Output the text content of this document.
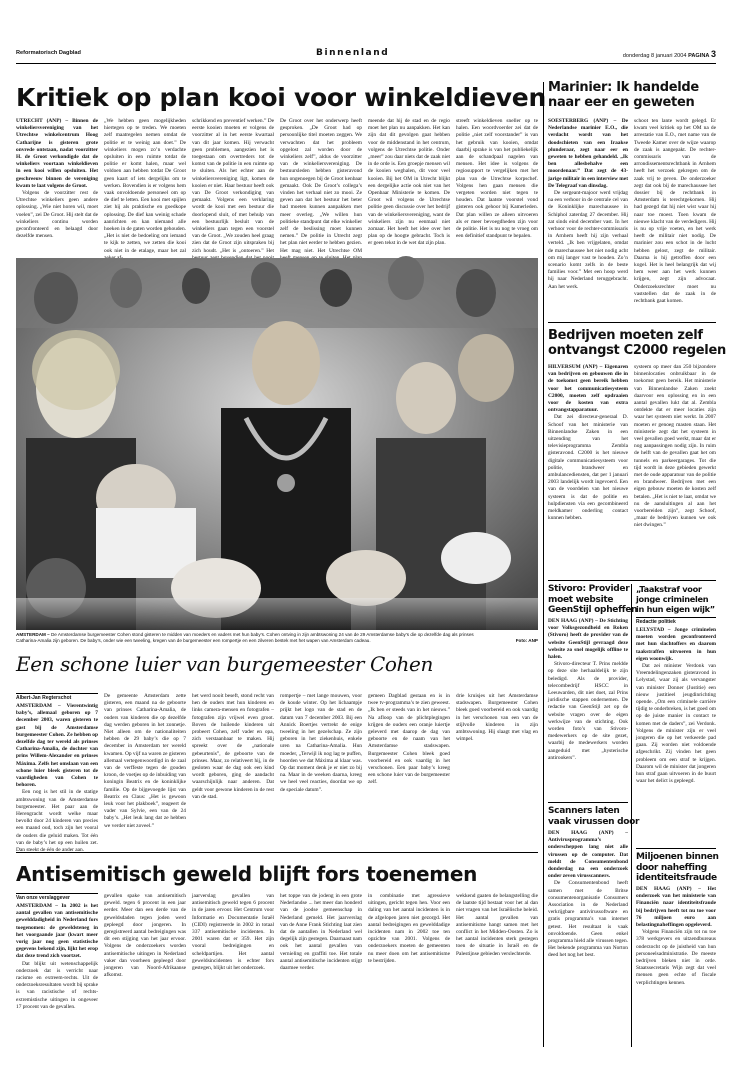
Reformatorisch Dagblad	Binnenland	donderdag 8 januari 2004 PAGINA 3
Kritiek op plan kooi voor winkeldieven

UTRECHT (ANP) – Binnen de winkeliersvereniging van het Utrechtse winkelcentrum Hoog Catharijne is gisteren grote onvrede ontstaan, nadat voorzitter H. de Groot verkondigde dat de winkeliers voortaan winkeldieven in een kooi willen opsluiten. Het geschreeuw binnen de vereniging kwam te laat volgens de Groot.

Volgens de voorzitter rest de Utrechtse winkeliers geen andere oplossing. „Wie niet horen wil, moet voelen”, zei De Groot. Hij stelt dat de winkeliers continu worden geconfronteerd en belaagd door dezelfde mensen.

„We hebben geen mogelijkheden hiertegen op te treden. We moeten zelf maatregelen nemen omdat de politie er te weinig aan doet.” De winkeliers mogen zo’n verdachte opsluiten in een ruimte totdat de politie er komt halen, maar wel voldoen aan hebben totdat De Groot geen kaart of iets dergelijks om te werken. Bovendien is er volgens hem vaak onvoldoende personeel om op de dief te letten. Een kooi met spijlen ziet hij als praktische en goedkope oplossing. De dief kan weinig schade aanrichten en kan niemand alle hoeken in de gaten worden gehouden. „Het is niet de bedoeling om iemand te kijk te zetten, we zetten die kooi ook niet in de etalage, maar het zal
schrikkend en preventief werken.” De eerste kooien moeten er volgens de voorzitter al in het eerste kwartaal van dit jaar komen. Hij verwacht geen problemen, aangezien het is toegestaan om overtreders tot de komst van de politie in een ruimte op te sluiten. Als het echter aan de winkeliersvereniging ligt, komen de kooien er niet. Haar bestuur heeft ook van De Groot verkondiging van gemaakt. Volgens een verklaring wordt de kooi met een bestuur die doorlopend sluit, of met behulp van een bestuurlijk besluit van de winkeliers gaan tegen een voorstel van de Groot. „We zouden heel graag zien dat de Groot zijn uitspraken bij zich houdt. „Het is „ontoeren.” Het
De Groot over het onderwerp heeft gesproken. „De Groot had op persoonlijke titel moeten zeggen. We verwachten dat het probleem opgelost zal worden door de winkeliers zelf”, aldus de voorzitter van de winkeliersvereniging. De bestuursleden hebben gisteravond hun ongenoegen bij de Groot kenbaar gemaakt. Ook De Groot’s collega’s vinden het verhaal niet zo mooi. Ze geven aan dat het bestuur het beter had moeten kunnen aanpakken met meer overleg. „We willen hun politieke standpunt dat elke winkelier zelf de beslissing moet kunnen nemen.” De politie in Utrecht zegt het plan niet eerder te hebben gezien. Het mag niet. Het Utrechtse OM
meende dat hij de stad en de regio moet het plan nu aanpakken. Het kan zijn dat dit gevolgen gaat hebben voor de middenstand in het centrum, volgens de Utrechtse politie. Onder „meer” zou daar niets dat de zaak niet in de orde is. Een groepje mensen wil de kooien weghalen, dit voor veel kooien. Bij het OM in Utrecht blijkt een dergelijke actie ook niet van het Openbaar Ministerie te komen. De Groot wil volgens de Utrechtse politie geen discussie over het bedrijf van de winkeliersvereniging, want de winkeliers zijn nu eenmaal niet zomaar. Het heeft het idee over het plan op de hoogte gebracht. Toch is er geen tekst in de wet dat zijn plan.
streeft winkeldieven sneller op te halen. Een woordvoerder zei dat de politie „niet zelf voorstander” is van het gebruik van kooien, omdat daarbij sprake is van het publiekelijk aan de schandpaal nagelen van mensen. Het idee is volgens de regiosupport te vergelijken met het plan van de Utrechtse korpschef. Volgens hen gaan mensen die vergeten worden niet tegen te houden. Dat laatste voorstel vond gisteren ook gehoor bij Kamerleden. Dat plan willen ze alleen uitvoeren als er meer bevoegdheden zijn voor de politie. Het is nu nog te vroeg om een definitief standpunt te bepalen.
AMSTERDAM – De Amsterdamse burgemeester Cohen stond gisteren te midden van moeders en vaders met hun baby’s. Cohen ontving in zijn ambtswoning 24 van de 29 Amsterdamse baby’s die op dezelfde dag als prinses Catharina-Amalia zijn geboren. De baby’s, onder wie een tweeling, kregen van de burgemeester een rompertje en een zilveren bestek met het wapen van Amsterdam cadeau.	Foto: ANP
Een schone luier van burgemeester Cohen
Albert-Jan Regterschot

AMSTERDAM – Vierentwintig baby’s, allemaal geboren op 7 december 2003, waren gisteren te gast bij de Amsterdamse burgemeester Cohen. Ze hebben op dezelfde dag ter wereld als prinses Catharina-Amalia, de dochter van prins Willem-Alexander en prinses Máxima. Zelfs het omslaan van een schone luier bleek gisteren tot de vaardigheden van Cohen te behoren.

Een nog is het stil in de statige ambtswoning van de Amsterdamse burgemeester. Het paar aan de Herengracht wordt welke maar bevolkt door 24 kinderen van precies een maand oud, toch zijn het vooral de ouders die geluid maken. Tot één van de baby’s het op een huilen zet. Dan steekt de één de ander aan.

De gemeente Amsterdam zette gisteren, een maand na de geboorte van prinses Catharina-Amalia, de ouders van kinderen die op dezelfde dag werden geboren in het zonnetje. Niet alleen om de nationaliteiten hebben de 29 baby’s die op 7 december in Amsterdam ter wereld kwamen. Op vijf na waren ze gisteren allemaal vertegenwoordigd in de zaal van de verffeste tegen de gouden kroon, de voetjes op de inbuiding van koningin Beatrix en de koninklijke familie. Op de bijgevoegde lijst van Beatrix en Claus: „Het is gewoon leuk voor het plakboek”, reageert de vader van Sylvie, een van de 24 baby’s. „Het leuk lang dat ze hebben we verder niet zoveel.”
het werd nooit beseft, stond recht van hen de ouders met hun kinderen en links camera-mensen en fotografen – fotografen zijn vrijwel even groot. Boven de huilende kinderen uit probeert Cohen, zelf vader en opa, zich verstaanbaar te maken. Hij spreekt over de „nationale gebeurtenis”, de geboorte van de prinses. Maar, zo relativeert hij, in de gesloten waar de dag ook een kind wordt geboren, ging de aandacht waarschijnlijk naar anderen. Dat geldt voor gewone kinderen in de rest van de stad.
rompertje – met lange mouwen, voor de koude winter. Op het lichaampje prijkt het logo van de stad en de datum van 7 december 2003. Bij een Annick Boertjes vertrekt de enige tweeling in het gezelschap. Ze zijn geboren in het ziekenhuis, enkele uren na Catharina-Amalia. Hun moeder, „Terwijl ik nog lag te puffen, hoorden we dat Máxima al klaar was. Op dat moment denk je er niet zo bij na. Maar in de weeken daarna, kreeg we heel veel reacties, doordat we op de speciale datum”.
gemeen Dagblad gestaan en is in twee tv-programma’s te zien geweest. „Ik ben er steeds van in het nieuws.” Na afloop van de plichtplegingen krijgen de ouders een oranje luiertje geleverd met daarop de dag van geboorte en de naam van het Amsterdamse stadswapen. Burgemeester Cohen bleek goed voorbereid en ook vaardig in het verschonen. Een paar baby’s kreeg een schone luier van de burgemeester zelf.
drie kruisjes uit het Amsterdamse stadswapen. Burgemeester Cohen bleek goed voorbereid en ook vaardig in het verschonen van een van de stijlvolle kinderen in zijn ambtswoning. Hij slaagt met vlag en wimpel.
Antisemitisch geweld blijft fors toenemen
Van onze verslaggever

AMSTERDAM – In 2002 is het aantal gevallen van antisemitische gewelddadigheid in Nederland fors toegenomen: de geweldsteneg in het voorgaande jaar (kwart meer vorig jaar nog geen statistische gegevens bekend zijn, lijkt het erop dat deze trend zich voortzet.

Dat blijkt uit wetenschappelijk onderzoek dat is verricht naar racisme en extreem-rechts. Uit de onderzoeksresultaten wordt bij sprake is van racistische of rechts-extremistische uitingen in ongeveer 17 procent van de gevallen.

gevallen spake van antisemitisch geweld. tegen 6 procent in een jaar eerder. Meer dan een derde van de geweldsdaden tegen joden werd gepleegd door jongeren. In geregistreerd aantal bedreigingen was dit een stijging van het jaar ervoor. Volgens de onderzoekers worden antisemitische uitingen in Nederland vaker dan voorheen gepleegd door jongeren van Noord-Afrikaanse afkomst.
jaarverslag gevallen van antisemitisch geweld tegen 6 procent in de jaren ervoor. Het Centrum voor Informatie en Documentatie Israël (CIDI) registreerde in 2002 in totaal 337 antisemitische incidenten. In 2001 waren dat er 359. Het zijn vooral bedreigingen en scheldpartijen. Het aantal geweldsincidenten is echter fors gestegen, blijkt uit het onderzoek.
het toppe van de jodeng in een grote Nederlandse ... het meer dan honderd van de joodse gemeenschap in Nederland gemeld. Het jaarverslag van de Anne Frank Stichting laat zien dat de aantallen in Nederland wel degelijk zijn gestegen. Daarnaast nam ook het aantal gevallen van vernieling en graffiti toe. Het totale aantal antisemitische incidenten stijgt daarmee verder.
in combinatie met agressieve uitingen, gericht tegen hen. Voor een daling van het aantal incidenten is in de afgelopen jaren niet gezorgd. Het aantal bedreigingen en gewelddadige incidenten nam in 2002 toe ten opzichte van 2001. Volgens de onderzoekers moeten de gemeenten nu meer doen om het antisemitisme te bestrijden.
wekkend gaaten de belangstelling die de laatste tijd bestaat voor het al dan niet vragen van het Israëlische beleid. Het aantal gevallen van antisemitisme hangt samen met het conflict in het Midden-Oosten. Zo is het aantal incidenten sterk gestegen toen de situatie in Israël en de Palestijnse gebieden verslechterde.
Marinier: Ik handelde
naar eer en geweten

SOESTERBERG (ANP) – De Nederlandse marinier E.O., die verdacht wordt van het doodschieten van een Iraakse plunderaar, zegt naar eer en geweten te hebben gehandeld. „Ik ben allesbehalve een moordenaar.” Dat zegt de 43-jarige militair in een interview met De Telegraaf van dinsdag.

De sergeant-majoor werd vrijdag na een verhoor in de centrale cel van de Koninklijke marechaussee in Schiphol zaterdag 27 december. Hij zat sinds eind december vast. In het verhoor voor de rechter-commissaris in Arnhem heeft hij zijn verhaal verteld. „Ik ben vrijgelaten, omdat de marechaussee het niet nodig acht om mij langer vast te houden. Zo’n scenario komt zelfs in de beste families voor.” Met een hoop werd hij naar Nederland teruggebracht. Aan het werk.

schoot ten lante wordt gelegd. Er kwam veel kritiek op het OM na de arrestatie van E.O., met name van de Tweede Kamer over de wijze waarop de zaak is aangepakt. De rechter-commissaris van de arrondissementsrechtbank in Arnhem heeft het verzoek gekregen om de zaak vrij te geven. De onderzoeker zegt dat ook bij de marechaussee het dossier bij de rechtbank in Amsterdam is terechtgekomen. Hij had gezegd dat hij niet wist waar hij naar toe moest. Toen kwam de nieuwe klacht van de verdedigers. Hij is nu op vrije voeten, en het werk heeft de militair niet nodig. De marinier zou een schot in de lucht hebben gelost, zegt de militair. Daarna is hij getroffen door een kogel. Het is heel belangrijk dat wij hem weer aan het werk kunnen krijgen, zegt zijn advocaat. Onderzoeksrechter moet nu vaststellen dat de zaak in de rechtbank gaat komen.
Bedrijven moeten zelf
ontvangst C2000 regelen

HILVERSUM (ANP) – Eigenaren van bedrijven en gebouwen die in de toekomst geen bereik hebben voor het communicatiesysteem C2000, moeten zelf opdraaien voor de kosten van extra ontvangstapparatuur.

Dat zei directeur-generaal D. Schoof van het ministerie van Binnenlandse Zaken in een uitzending van het televisieprogramma Zembla gisteravond. C2000 is het nieuwe digitale communicatiesysteem voor politie, brandweer en ambulancediensten, dat per 1 januari 2003 landelijk wordt ingevoerd. Een van de voordelen van het nieuwe systeem is dat de politie en hulpdiensten via een gecombineerd meldkamer onderling contact kunnen hebben.

systeem op meer dan 250 bijzondere binnenlocaties onbruikbaar in de toekomst geen bereik. Het ministerie van Binnenlandse Zaken zoekt daarvoor een oplossing en in een aantal gevallen lukt dat al. Zembla ontdekte dat er meer locaties zijn waar het systeem niet werkt. In 2007 moeten er genoeg masten staan. Het ministerie zegt dat het systeem in veel gevallen goed werkt, maar dat er nog aanpassingen nodig zijn. In ruim de helft van de gevallen gaat het om tunnels en parkeergarages. Tot die tijd wordt in deze gebieden gewerkt met de oude apparatuur van de politie en brandweer. Bedrijven met een eigen gebouw moeten de kosten zelf betalen. „Het is niet te laat, omdat we nu de aansluitingen al aan het voorbereiden zijn”, zegt Schoof, „maar de bedrijven kunnen we ook niet dwingen.”
Stivoro: Provider
moet website
GeenStijl opheffen

DEN HAAG (ANP) – De Stichting voor Volksgezondheid en Roken (Stivoro) heeft de provider van de website GeenStijl gevraagd deze website zo snel mogelijk offline te halen.

Stivoro-directeur T. Prins meldde op deze site herhaaldelijk te zijn beledigd. Als de provider, telecombedrijf HSCC in Leeuwarden, dit niet doet, zal Prins juridische stappen ondernemen. De redactie van GeenStijl zet op de website vragen over de eigen werkwijze van de stichting. Ook worden foto’s van Stivoro-medewerkers op de site gezet, waarbij de medewerkers worden aangeduid met „hysterische antirookers”.

„Taakstraf voor
jonge criminelen
in hun eigen wijk”
Redactie politiek

LELYSTAD – Jonge criminelen moeten worden geconfronteerd met hun slachtoffers en daarom taakstraffen uitvoeren in hun eigen woonwijk.

Dat zei minister Verdonk van Vreemdelingenzaken gisteravond in Lelystad, waar zij als vervangster van minister Donner (Justitie) een nieuw justitieel jeugdinrichting opende. „Om een criminele carrière tijdig te onderbreken, is het goed om op de juiste manier in contact te komen met de daders”, zei Verdonk. Volgens de minister zijn er veel jongeren die op het verkeerde pad gaan. Zij worden niet voldoende afgeschrikt. Zij vinden het geen probleem om een straf te krijgen. Daarom wil de minister dat jongeren hun straf gaan uitvoeren in de buurt waar het delict is gepleegd.

Scanners laten
vaak virussen door

DEN HAAG (ANP) – Antivirusprogramma’s onderscheppen lang niet alle virussen op de computer. Dat meldt de Consumentenbond donderdag na een onderzoek onder zeven virusscanners.

De Consumentenbond heeft samen met de Britse consumentenorganisatie Consumers Association in de Nederland verkrijgbare antivirussoftware en gratis programma’s van internet getest. Het resultaat is vaak onvoldoende. Geen enkel programma hield alle virussen tegen. Het bekende programma van Norton deed het nog het best.

Miljoenen binnen
door naheffing
identiteitsfraude

DEN HAAG (ANP) – Het onderzoek van het ministerie van Financiën naar identiteitsfraude bij bedrijven heeft tot nu toe voor 76 miljoen euro aan belastingnaheffingen opgeleverd.

Volgens Financiën zijn tot nu toe 378 werkgevers en uitzendbureaus onderzocht op de juistheid van hun personeelsadministratie. De meeste bedrijven bleken niet in orde. Staatssecretaris Wijn zegt dat veel mensen geen echte of fiscale verplichtingen kennen.
